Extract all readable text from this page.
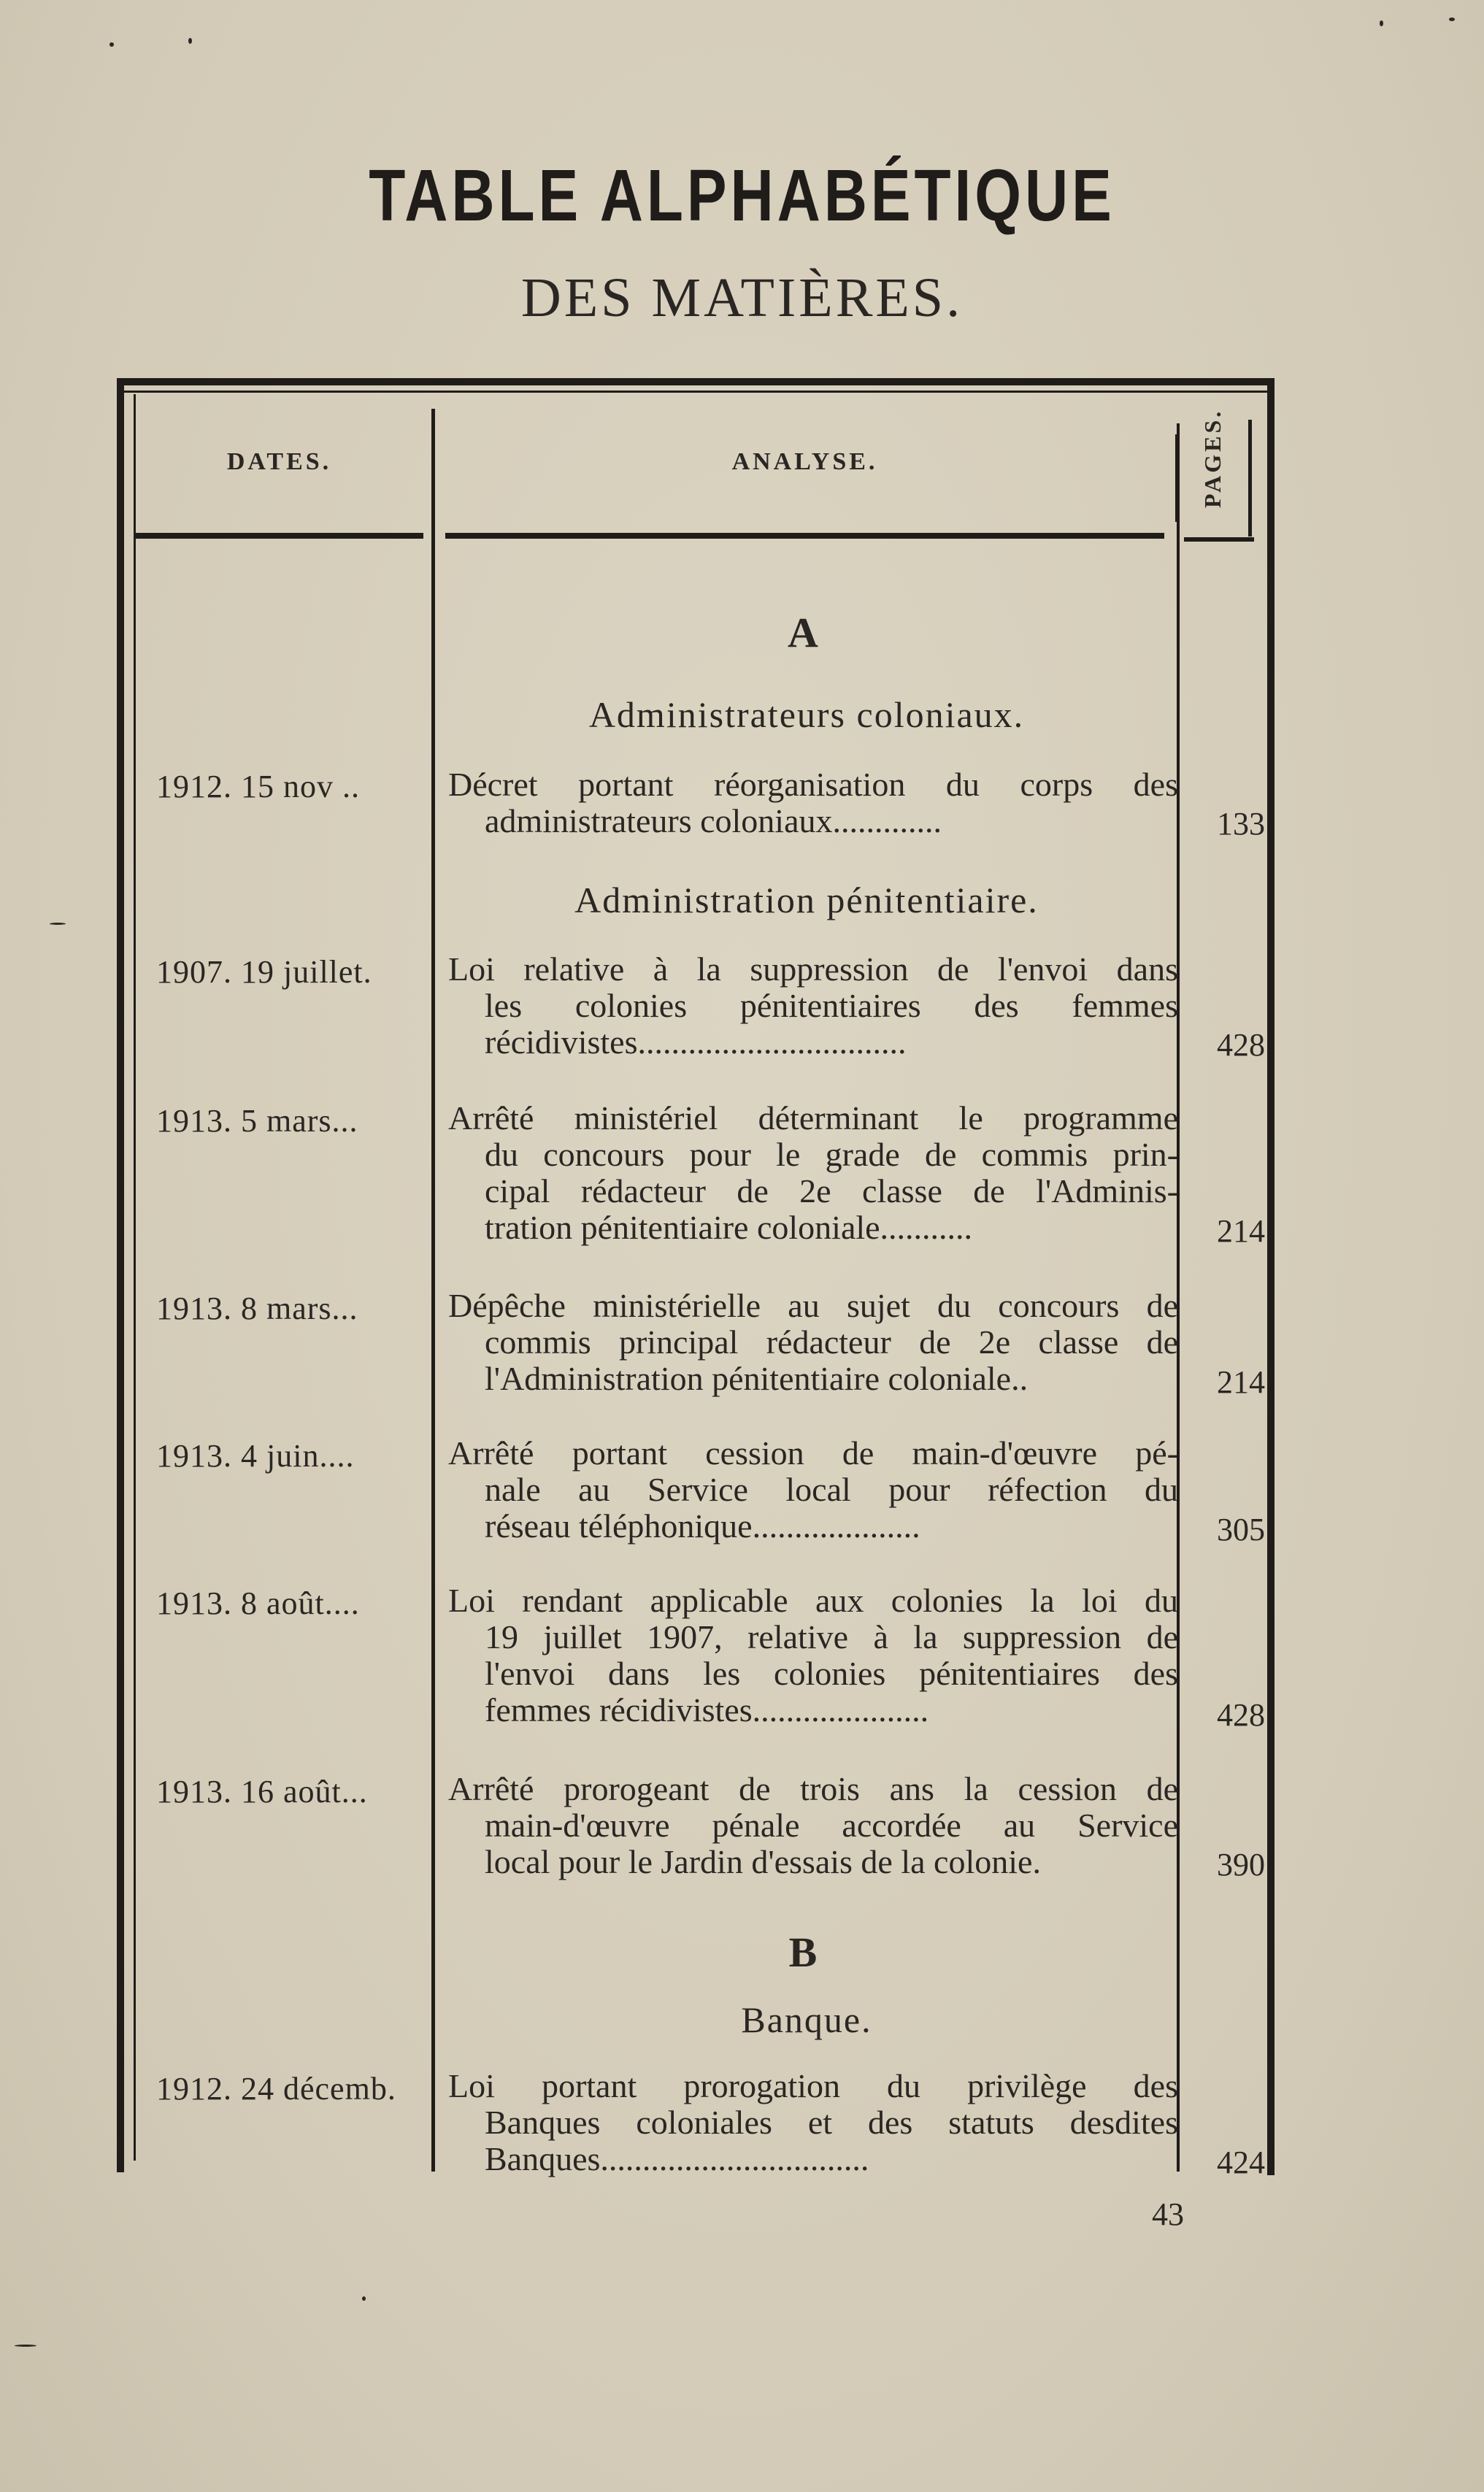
TABLE ALPHABÉTIQUE
DES MATIÈRES.
DATES.	ANALYSE.	PAGES.
A
Administrateurs coloniaux.
1912. 15 nov ..	Décret portant réorganisation du corps des
administrateurs coloniaux.............	133
Administration pénitentiaire.
1907. 19 juillet.	Loi relative à la suppression de l'envoi dans
les colonies pénitentiaires des femmes
récidivistes................................	428
1913. 5 mars...	Arrêté ministériel déterminant le programme
du concours pour le grade de commis prin-
cipal rédacteur de 2e classe de l'Adminis-
tration pénitentiaire coloniale...........	214
1913. 8 mars...	Dépêche ministérielle au sujet du concours de
commis principal rédacteur de 2e classe de
l'Administration pénitentiaire coloniale..	214
1913. 4 juin....	Arrêté portant cession de main-d'œuvre pé-
nale au Service local pour réfection du
réseau téléphonique....................	305
1913. 8 août....	Loi rendant applicable aux colonies la loi du
19 juillet 1907, relative à la suppression de
l'envoi dans les colonies pénitentiaires des
femmes récidivistes.....................	428
1913. 16 août...	Arrêté prorogeant de trois ans la cession de
main-d'œuvre pénale accordée au Service
local pour le Jardin d'essais de la colonie.	390
B
Banque.
1912. 24 décemb.	Loi portant prorogation du privilège des
Banques coloniales et des statuts desdites
Banques................................	424
43
